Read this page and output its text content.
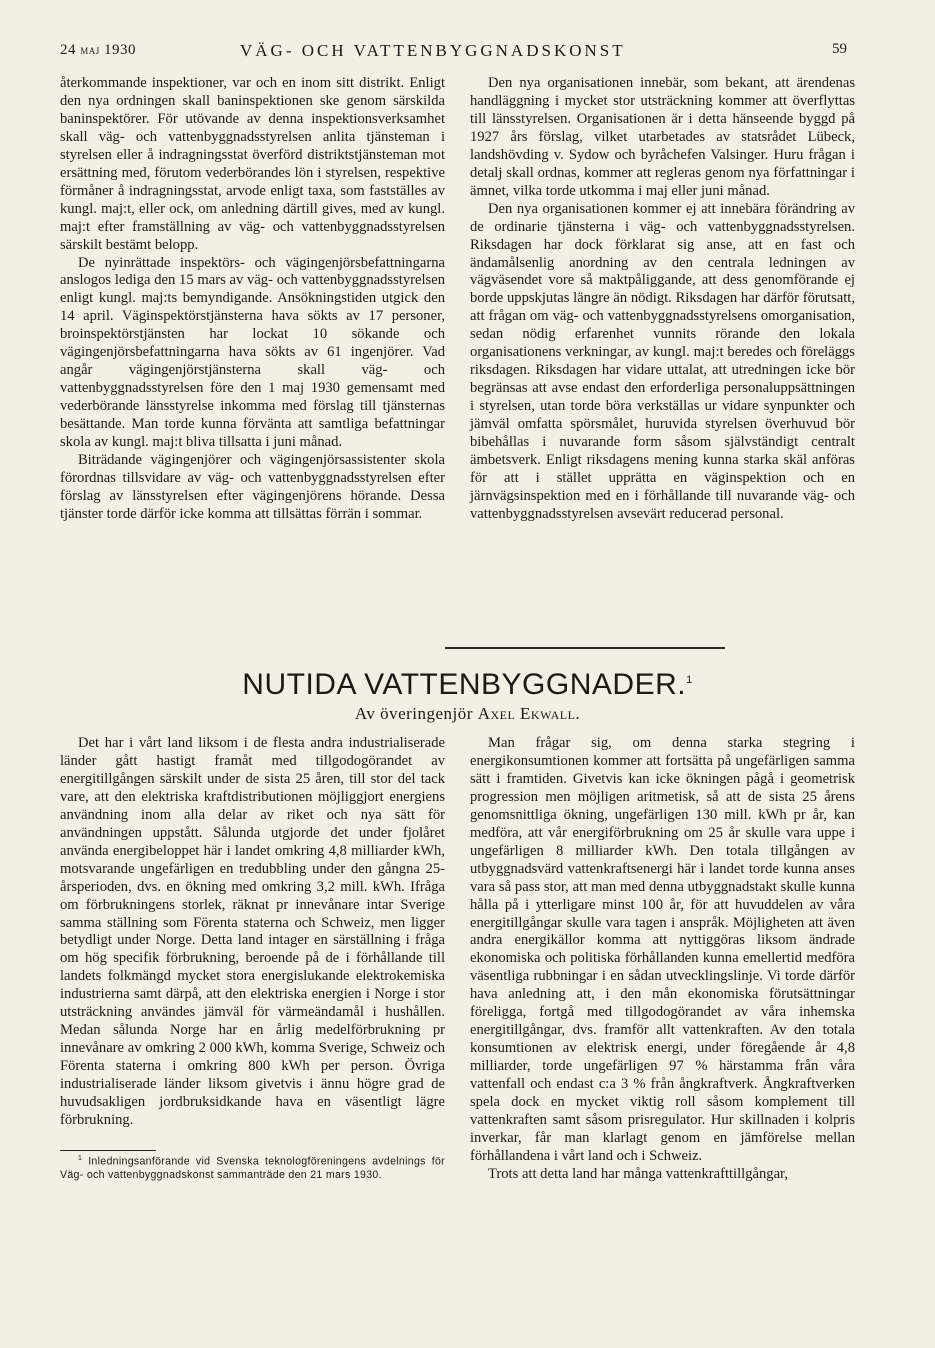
24 maj 1930	VÄG- OCH VATTENBYGGNADSKONST	59

återkommande inspektioner, var och en inom sitt distrikt. Enligt den nya ordningen skall baninspektionen ske genom särskilda baninspektörer. För utövande av denna inspektionsverksamhet skall väg- och vattenbyggnadsstyrelsen anlita tjänsteman i styrelsen eller å indragningsstat överförd distriktstjänsteman mot ersättning med, förutom vederbörandes lön i styrelsen, respektive förmåner å indragningsstat, arvode enligt taxa, som fastställes av kungl. maj:t, eller ock, om anledning därtill gives, med av kungl. maj:t efter framställning av väg- och vattenbyggnadsstyrelsen särskilt bestämt belopp.

De nyinrättade inspektörs- och vägingenjörsbefattningarna anslogos lediga den 15 mars av väg- och vattenbyggnadsstyrelsen enligt kungl. maj:ts bemyndigande. Ansökningstiden utgick den 14 april. Väginspektörstjänsterna hava sökts av 17 personer, broinspektörstjänsten har lockat 10 sökande och vägingenjörsbefattningarna hava sökts av 61 ingenjörer. Vad angår vägingenjörstjänsterna skall väg- och vattenbyggnadsstyrelsen före den 1 maj 1930 gemensamt med vederbörande länsstyrelse inkomma med förslag till tjänsternas besättande. Man torde kunna förvänta att samtliga befattningar skola av kungl. maj:t bliva tillsatta i juni månad.

Biträdande vägingenjörer och vägingenjörsassistenter skola förordnas tillsvidare av väg- och vattenbyggnadsstyrelsen efter förslag av länsstyrelsen efter vägingenjörens hörande. Dessa tjänster torde därför icke komma att tillsättas förrän i sommar.

Den nya organisationen innebär, som bekant, att ärendenas handläggning i mycket stor utsträckning kommer att överflyttas till länsstyrelsen. Organisationen är i detta hänseende byggd på 1927 års förslag, vilket utarbetades av statsrådet Lübeck, landshövding v. Sydow och byråchefen Valsinger. Huru frågan i detalj skall ordnas, kommer att regleras genom nya författningar i ämnet, vilka torde utkomma i maj eller juni månad.

Den nya organisationen kommer ej att innebära förändring av de ordinarie tjänsterna i väg- och vattenbyggnadsstyrelsen. Riksdagen har dock förklarat sig anse, att en fast och ändamålsenlig anordning av den centrala ledningen av vägväsendet vore så maktpåliggande, att dess genomförande ej borde uppskjutas längre än nödigt. Riksdagen har därför förutsatt, att frågan om väg- och vattenbyggnadsstyrelsens omorganisation, sedan nödig erfarenhet vunnits rörande den lokala organisationens verkningar, av kungl. maj:t beredes och föreläggs riksdagen. Riksdagen har vidare uttalat, att utredningen icke bör begränsas att avse endast den erforderliga personaluppsättningen i styrelsen, utan torde böra verkställas ur vidare synpunkter och jämväl omfatta spörsmålet, huruvida styrelsen överhuvud bör bibehållas i nuvarande form såsom självständigt centralt ämbetsverk. Enligt riksdagens mening kunna starka skäl anföras för att i stället upprätta en väginspektion och en järnvägsinspektion med en i förhållande till nuvarande väg- och vattenbyggnadsstyrelsen avsevärt reducerad personal.

NUTIDA VATTENBYGGNADER.$^1$
Av överingenjör Axel Ekwall.

Det har i vårt land liksom i de flesta andra industrialiserade länder gått hastigt framåt med tillgodogörandet av energitillgången särskilt under de sista 25 åren, till stor del tack vare, att den elektriska kraftdistributionen möjliggjort energiens användning inom alla delar av riket och nya sätt för användningen uppstått. Sålunda utgjorde det under fjolåret använda energibeloppet här i landet omkring 4,8 milliarder kWh, motsvarande ungefärligen en tredubbling under den gångna 25-årsperioden, dvs. en ökning med omkring 3,2 mill. kWh. Ifråga om förbrukningens storlek, räknat pr innevånare intar Sverige samma ställning som Förenta staterna och Schweiz, men ligger betydligt under Norge. Detta land intager en särställning i fråga om hög specifik förbrukning, beroende på de i förhållande till landets folkmängd mycket stora energislukande elektrokemiska industrierna samt därpå, att den elektriska energien i Norge i stor utsträckning användes jämväl för värmeändamål i hushållen. Medan sålunda Norge har en årlig medelförbrukning pr innevånare av omkring 2 000 kWh, komma Sverige, Schweiz och Förenta staterna i omkring 800 kWh per person. Övriga industrialiserade länder liksom givetvis i ännu högre grad de huvudsakligen jordbruksidkande hava en väsentligt lägre förbrukning.

Man frågar sig, om denna starka stegring i energikonsumtionen kommer att fortsätta på ungefärligen samma sätt i framtiden. Givetvis kan icke ökningen pågå i geometrisk progression men möjligen aritmetisk, så att de sista 25 årens genomsnittliga ökning, ungefärligen 130 mill. kWh pr år, kan medföra, att vår energiförbrukning om 25 år skulle vara uppe i ungefärligen 8 milliarder kWh. Den totala tillgången av utbyggnadsvärd vattenkraftsenergi här i landet torde kunna anses vara så pass stor, att man med denna utbyggnadstakt skulle kunna hålla på i ytterligare minst 100 år, för att huvuddelen av våra energitillgångar skulle vara tagen i anspråk. Möjligheten att även andra energikällor komma att nyttiggöras liksom ändrade ekonomiska och politiska förhållanden kunna emellertid medföra väsentliga rubbningar i en sådan utvecklingslinje. Vi torde därför hava anledning att, i den mån ekonomiska förutsättningar föreligga, fortgå med tillgodogörandet av våra inhemska energitillgångar, dvs. framför allt vattenkraften. Av den totala konsumtionen av elektrisk energi, under föregående år 4,8 milliarder, torde ungefärligen 97 % härstamma från våra vattenfall och endast c:a 3 % från ångkraftverk. Ångkraftverken spela dock en mycket viktig roll såsom komplement till vattenkraften samt såsom prisregulator. Hur skillnaden i kolpris inverkar, får man klarlagt genom en jämförelse mellan förhållandena i vårt land och i Schweiz.

Trots att detta land har många vattenkrafttillgångar,

$^1$ Inledningsanförande vid Svenska teknologföreningens avdelnings för Väg- och vattenbyggnadskonst sammanträde den 21 mars 1930.
